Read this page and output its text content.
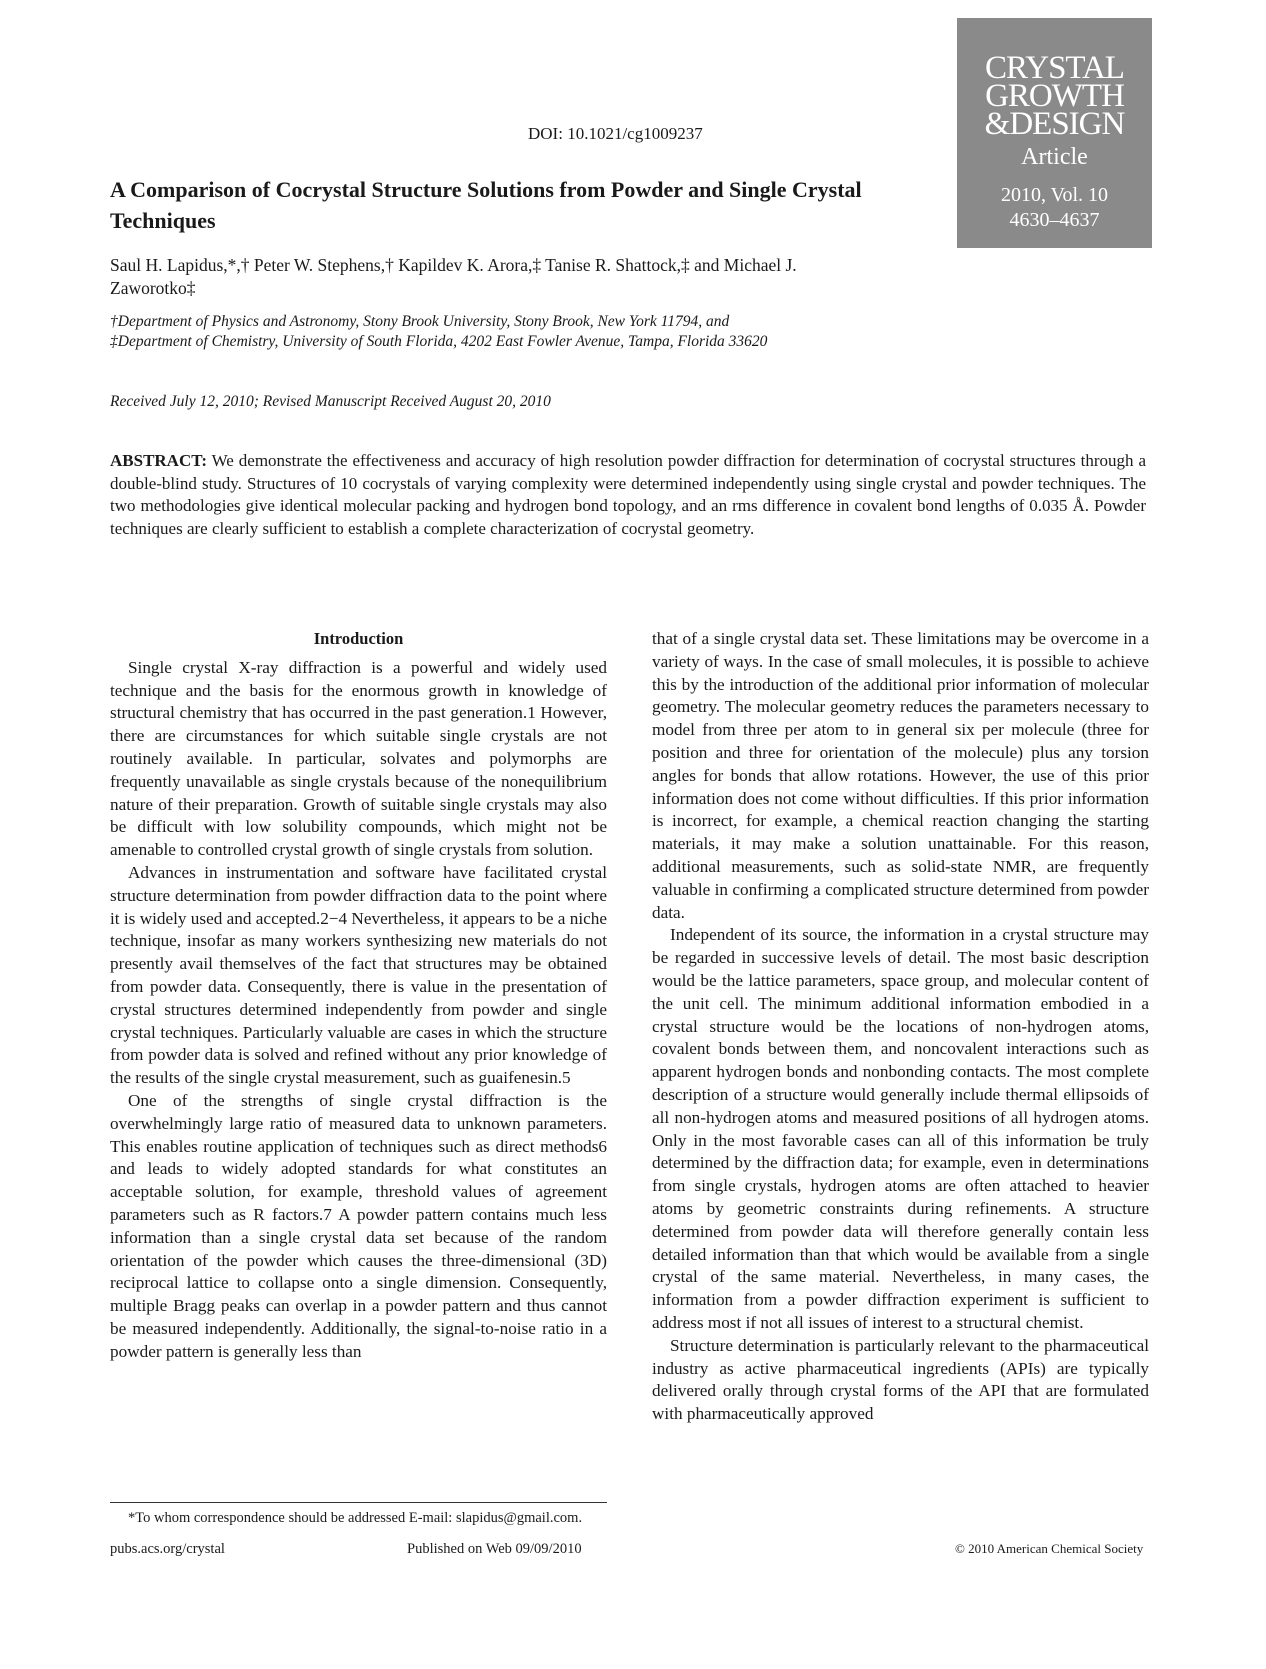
DOI: 10.1021/cg1009237
CRYSTAL
GROWTH
&DESIGN
Article
2010, Vol. 10
4630–4637
A Comparison of Cocrystal Structure Solutions from Powder and Single Crystal Techniques
Saul H. Lapidus,*,† Peter W. Stephens,† Kapildev K. Arora,‡ Tanise R. Shattock,‡ and Michael J. Zaworotko‡
†Department of Physics and Astronomy, Stony Brook University, Stony Brook, New York 11794, and
‡Department of Chemistry, University of South Florida, 4202 East Fowler Avenue, Tampa, Florida 33620
Received July 12, 2010; Revised Manuscript Received August 20, 2010
ABSTRACT: We demonstrate the effectiveness and accuracy of high resolution powder diffraction for determination of cocrystal structures through a double-blind study. Structures of 10 cocrystals of varying complexity were determined independently using single crystal and powder techniques. The two methodologies give identical molecular packing and hydrogen bond topology, and an rms difference in covalent bond lengths of 0.035 Å. Powder techniques are clearly sufficient to establish a complete characterization of cocrystal geometry.
Introduction

Single crystal X-ray diffraction is a powerful and widely used technique and the basis for the enormous growth in knowledge of structural chemistry that has occurred in the past generation.1 However, there are circumstances for which suitable single crystals are not routinely available. In particular, solvates and polymorphs are frequently unavailable as single crystals because of the nonequilibrium nature of their preparation. Growth of suitable single crystals may also be difficult with low solubility compounds, which might not be amenable to controlled crystal growth of single crystals from solution.

Advances in instrumentation and software have facilitated crystal structure determination from powder diffraction data to the point where it is widely used and accepted.2−4 Nevertheless, it appears to be a niche technique, insofar as many workers synthesizing new materials do not presently avail themselves of the fact that structures may be obtained from powder data. Consequently, there is value in the presentation of crystal structures determined independently from powder and single crystal techniques. Particularly valuable are cases in which the structure from powder data is solved and refined without any prior knowledge of the results of the single crystal measurement, such as guaifenesin.5

One of the strengths of single crystal diffraction is the overwhelmingly large ratio of measured data to unknown parameters. This enables routine application of techniques such as direct methods6 and leads to widely adopted standards for what constitutes an acceptable solution, for example, threshold values of agreement parameters such as R factors.7 A powder pattern contains much less information than a single crystal data set because of the random orientation of the powder which causes the three-dimensional (3D) reciprocal lattice to collapse onto a single dimension. Consequently, multiple Bragg peaks can overlap in a powder pattern and thus cannot be measured independently. Additionally, the signal-to-noise ratio in a powder pattern is generally less than

that of a single crystal data set. These limitations may be overcome in a variety of ways. In the case of small molecules, it is possible to achieve this by the introduction of the additional prior information of molecular geometry. The molecular geometry reduces the parameters necessary to model from three per atom to in general six per molecule (three for position and three for orientation of the molecule) plus any torsion angles for bonds that allow rotations. However, the use of this prior information does not come without difficulties. If this prior information is incorrect, for example, a chemical reaction changing the starting materials, it may make a solution unattainable. For this reason, additional measurements, such as solid-state NMR, are frequently valuable in confirming a complicated structure determined from powder data.

Independent of its source, the information in a crystal structure may be regarded in successive levels of detail. The most basic description would be the lattice parameters, space group, and molecular content of the unit cell. The minimum additional information embodied in a crystal structure would be the locations of non-hydrogen atoms, covalent bonds between them, and noncovalent interactions such as apparent hydrogen bonds and nonbonding contacts. The most complete description of a structure would generally include thermal ellipsoids of all non-hydrogen atoms and measured positions of all hydrogen atoms. Only in the most favorable cases can all of this information be truly determined by the diffraction data; for example, even in determinations from single crystals, hydrogen atoms are often attached to heavier atoms by geometric constraints during refinements. A structure determined from powder data will therefore generally contain less detailed information than that which would be available from a single crystal of the same material. Nevertheless, in many cases, the information from a powder diffraction experiment is sufficient to address most if not all issues of interest to a structural chemist.

Structure determination is particularly relevant to the pharmaceutical industry as active pharmaceutical ingredients (APIs) are typically delivered orally through crystal forms of the API that are formulated with pharmaceutically approved

*To whom correspondence should be addressed E-mail: slapidus@gmail.com.
pubs.acs.org/crystal	Published on Web 09/09/2010	© 2010 American Chemical Society
